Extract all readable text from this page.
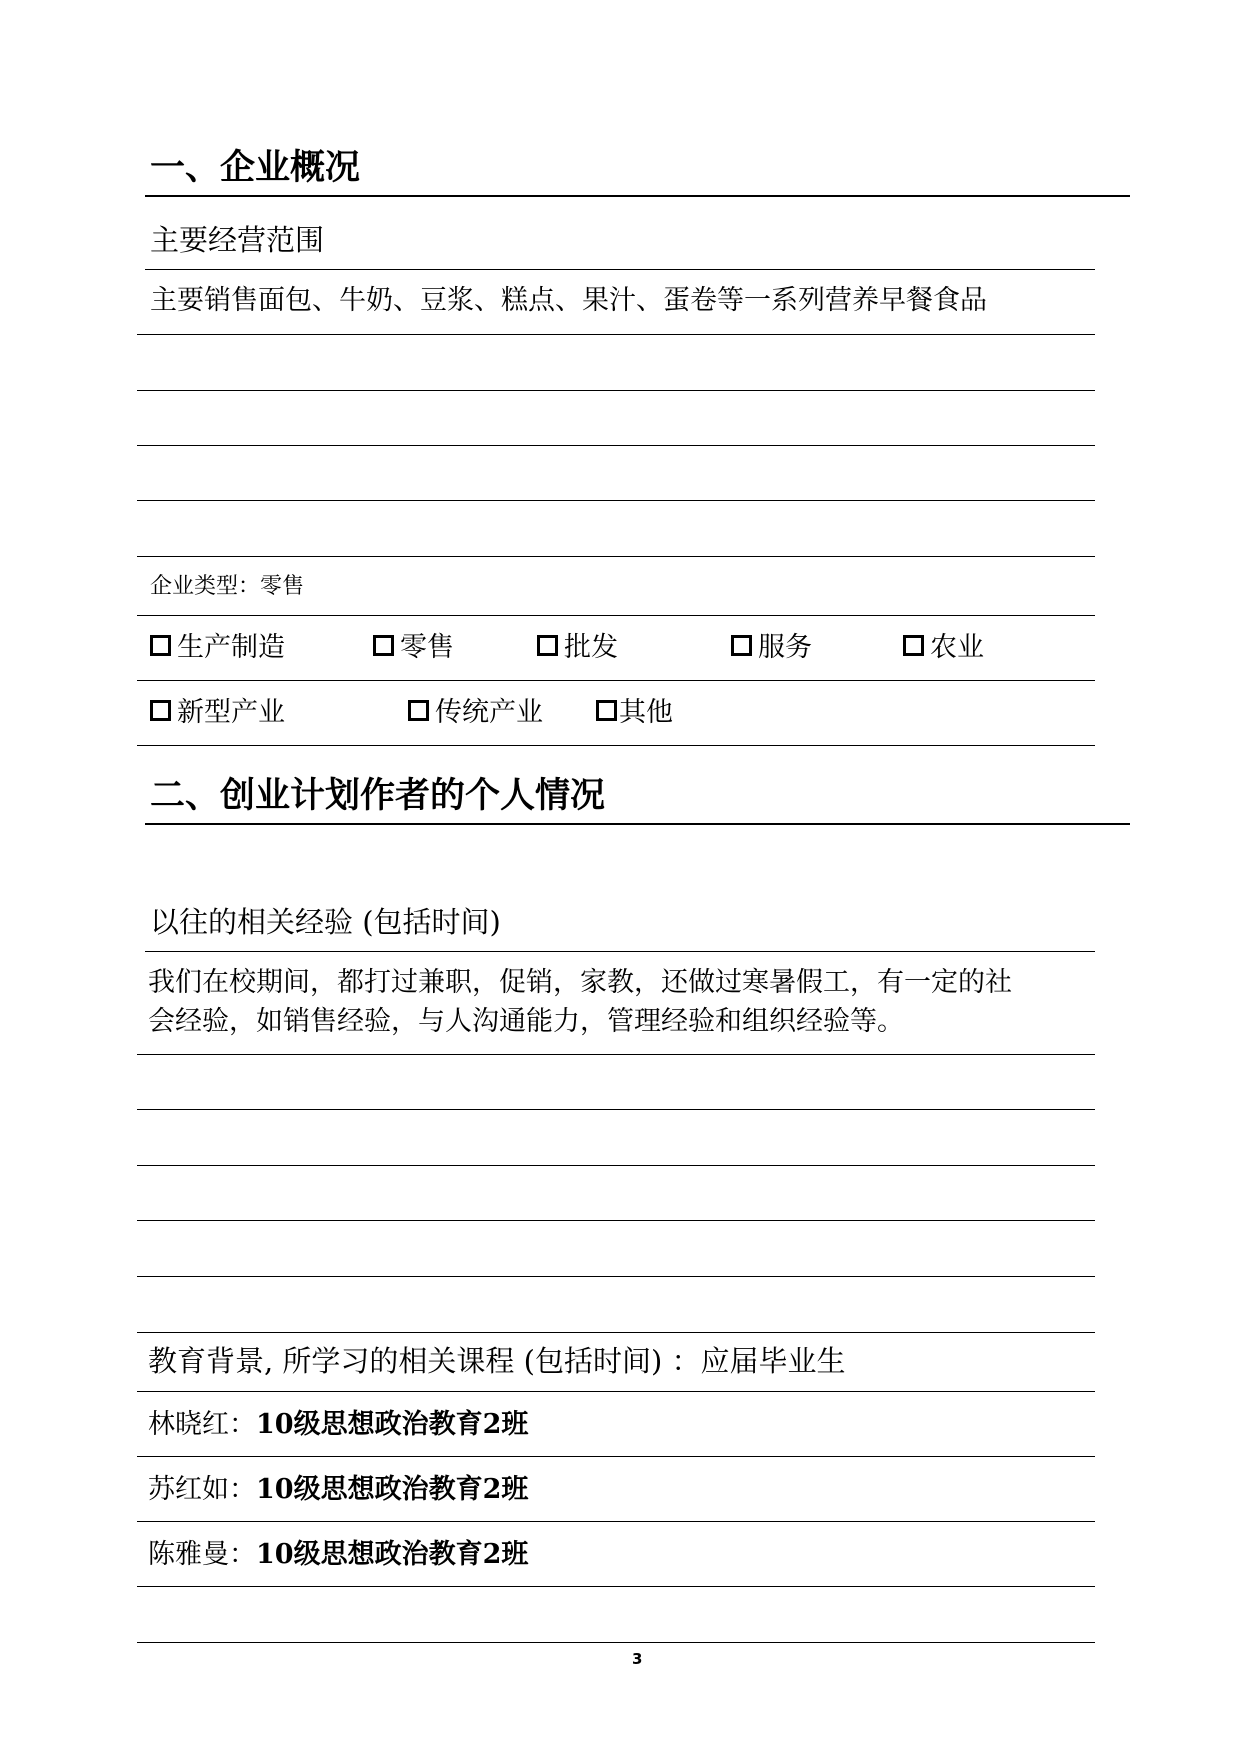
一、企业概况
主要经营范围
主要销售面包、牛奶、豆浆、糕点、果汁、蛋卷等一系列营养早餐食品
企业类型：零售
生产制造	零售	批发	服务	农业
新型产业	传统产业	其他
二、创业计划作者的个人情况
以往的相关经验 (包括时间)
我们在校期间，都打过兼职，促销，家教，还做过寒暑假工，有一定的社
会经验，如销售经验，与人沟通能力，管理经验和组织经验等。
教育背景, 所学习的相关课程 (包括时间) ：应届毕业生
林晓红：10级思想政治教育2班
苏红如：10级思想政治教育2班
陈雅曼：10级思想政治教育2班
3
